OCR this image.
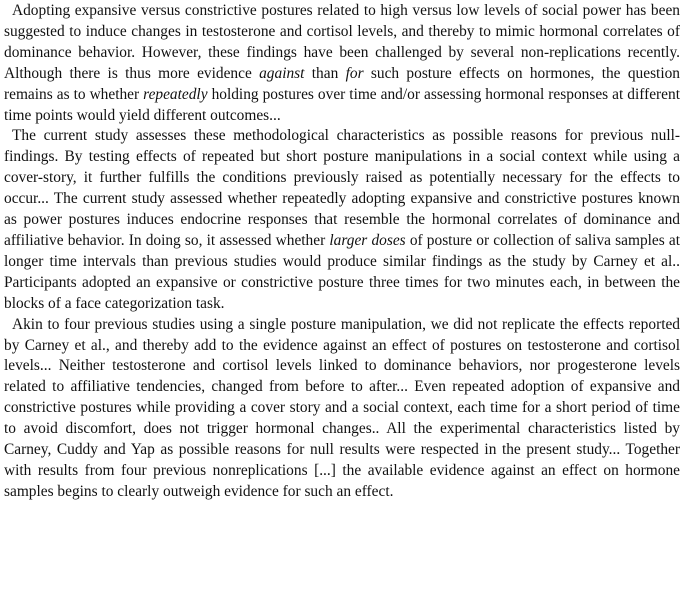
Adopting expansive versus constrictive postures related to high versus low levels of social power has been suggested to induce changes in testosterone and cortisol levels, and thereby to mimic hormonal correlates of dominance behavior. However, these findings have been challenged by several non-replications recently. Although there is thus more evidence against than for such posture effects on hormones, the question remains as to whether repeatedly holding postures over time and/or assessing hormonal responses at different time points would yield different outcomes...

The current study assesses these methodological characteristics as possible reasons for previous null-findings. By testing effects of repeated but short posture manipulations in a social context while using a cover-story, it further fulfills the conditions previously raised as potentially necessary for the effects to occur... The current study assessed whether repeatedly adopting expansive and constrictive postures known as power postures induces endocrine responses that resemble the hormonal correlates of dominance and affiliative behavior. In doing so, it assessed whether larger doses of posture or collection of saliva samples at longer time intervals than previous studies would produce similar findings as the study by Carney et al.. Participants adopted an expansive or constrictive posture three times for two minutes each, in between the blocks of a face categorization task.

Akin to four previous studies using a single posture manipulation, we did not replicate the effects reported by Carney et al., and thereby add to the evidence against an effect of postures on testosterone and cortisol levels... Neither testosterone and cortisol levels linked to dominance behaviors, nor progesterone levels related to affiliative tendencies, changed from before to after... Even repeated adoption of expansive and constrictive postures while providing a cover story and a social context, each time for a short period of time to avoid discomfort, does not trigger hormonal changes.. All the experimental characteristics listed by Carney, Cuddy and Yap as possible reasons for null results were respected in the present study... Together with results from four previous nonreplications [...] the available evidence against an effect on hormone samples begins to clearly outweigh evidence for such an effect.
